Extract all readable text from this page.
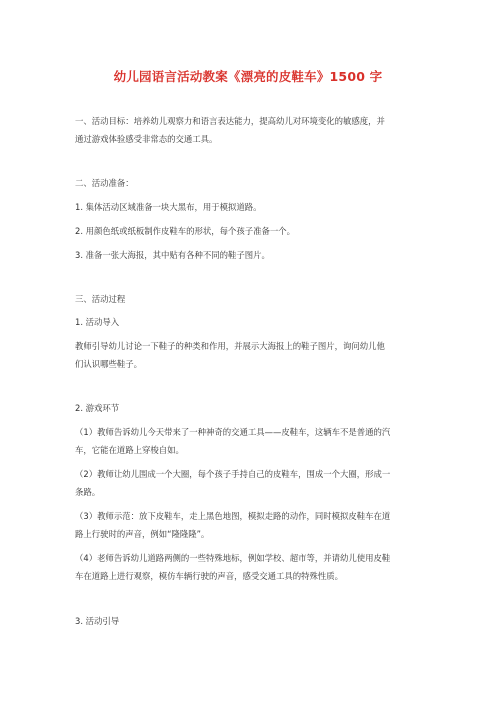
幼儿园语言活动教案《漂亮的皮鞋车》1500 字
一、活动目标：培养幼儿观察力和语言表达能力，提高幼儿对环境变化的敏感度，并
通过游戏体验感受非常态的交通工具。
二、活动准备：
1. 集体活动区域准备一块大黑布，用于模拟道路。
2. 用颜色纸或纸板制作皮鞋车的形状，每个孩子准备一个。
3. 准备一张大海报，其中贴有各种不同的鞋子图片。
三、活动过程
1. 活动导入
教师引导幼儿讨论一下鞋子的种类和作用，并展示大海报上的鞋子图片，询问幼儿他
们认识哪些鞋子。
2. 游戏环节
（1）教师告诉幼儿今天带来了一种神奇的交通工具——皮鞋车，这辆车不是普通的汽
车，它能在道路上穿梭自如。
（2）教师让幼儿围成一个大圈，每个孩子手持自己的皮鞋车，围成一个大圈，形成一
条路。
（3）教师示范：放下皮鞋车，走上黑色地图，模拟走路的动作，同时模拟皮鞋车在道
路上行驶时的声音，例如“隆隆隆”。
（4）老师告诉幼儿道路两侧的一些特殊地标，例如学校、超市等，并请幼儿使用皮鞋
车在道路上进行观察，模仿车辆行驶的声音，感受交通工具的特殊性质。
3. 活动引导
